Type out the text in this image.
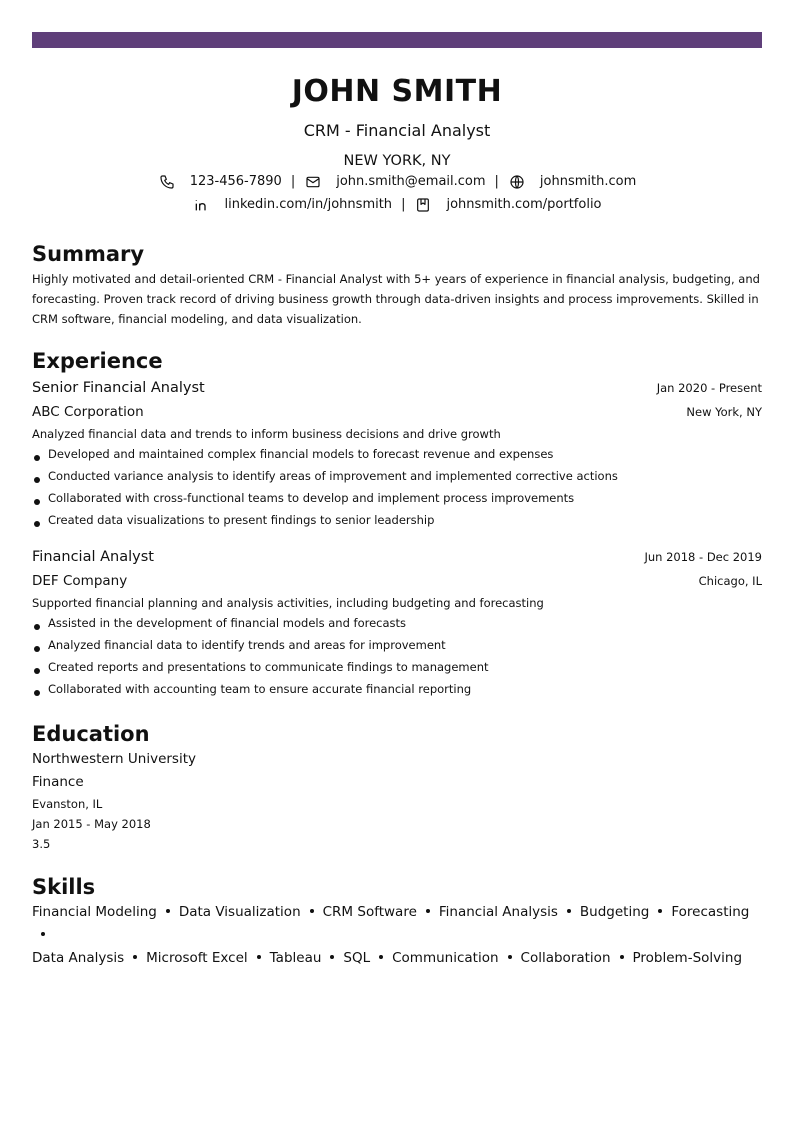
JOHN SMITH
CRM - Financial Analyst
NEW YORK, NY
123-456-7890 |	john.smith@email.com |	johnsmith.com
linkedin.com/in/johnsmith |	johnsmith.com/portfolio
Summary
Highly motivated and detail-oriented CRM - Financial Analyst with 5+ years of experience in financial analysis, budgeting, and forecasting. Proven track record of driving business growth through data-driven insights and process improvements. Skilled in CRM software, financial modeling, and data visualization.
Experience
Senior Financial Analyst	Jan 2020 - Present
ABC Corporation	New York, NY
Analyzed financial data and trends to inform business decisions and drive growth
Developed and maintained complex financial models to forecast revenue and expenses
Conducted variance analysis to identify areas of improvement and implemented corrective actions
Collaborated with cross-functional teams to develop and implement process improvements
Created data visualizations to present findings to senior leadership
Financial Analyst	Jun 2018 - Dec 2019
DEF Company	Chicago, IL
Supported financial planning and analysis activities, including budgeting and forecasting
Assisted in the development of financial models and forecasts
Analyzed financial data to identify trends and areas for improvement
Created reports and presentations to communicate findings to management
Collaborated with accounting team to ensure accurate financial reporting
Education
Northwestern University
Finance
Evanston, IL
Jan 2015 - May 2018
3.5
Skills
Financial Modeling Data Visualization CRM Software Financial Analysis Budgeting Forecasting
Data Analysis Microsoft Excel Tableau SQL Communication Collaboration Problem-Solving
